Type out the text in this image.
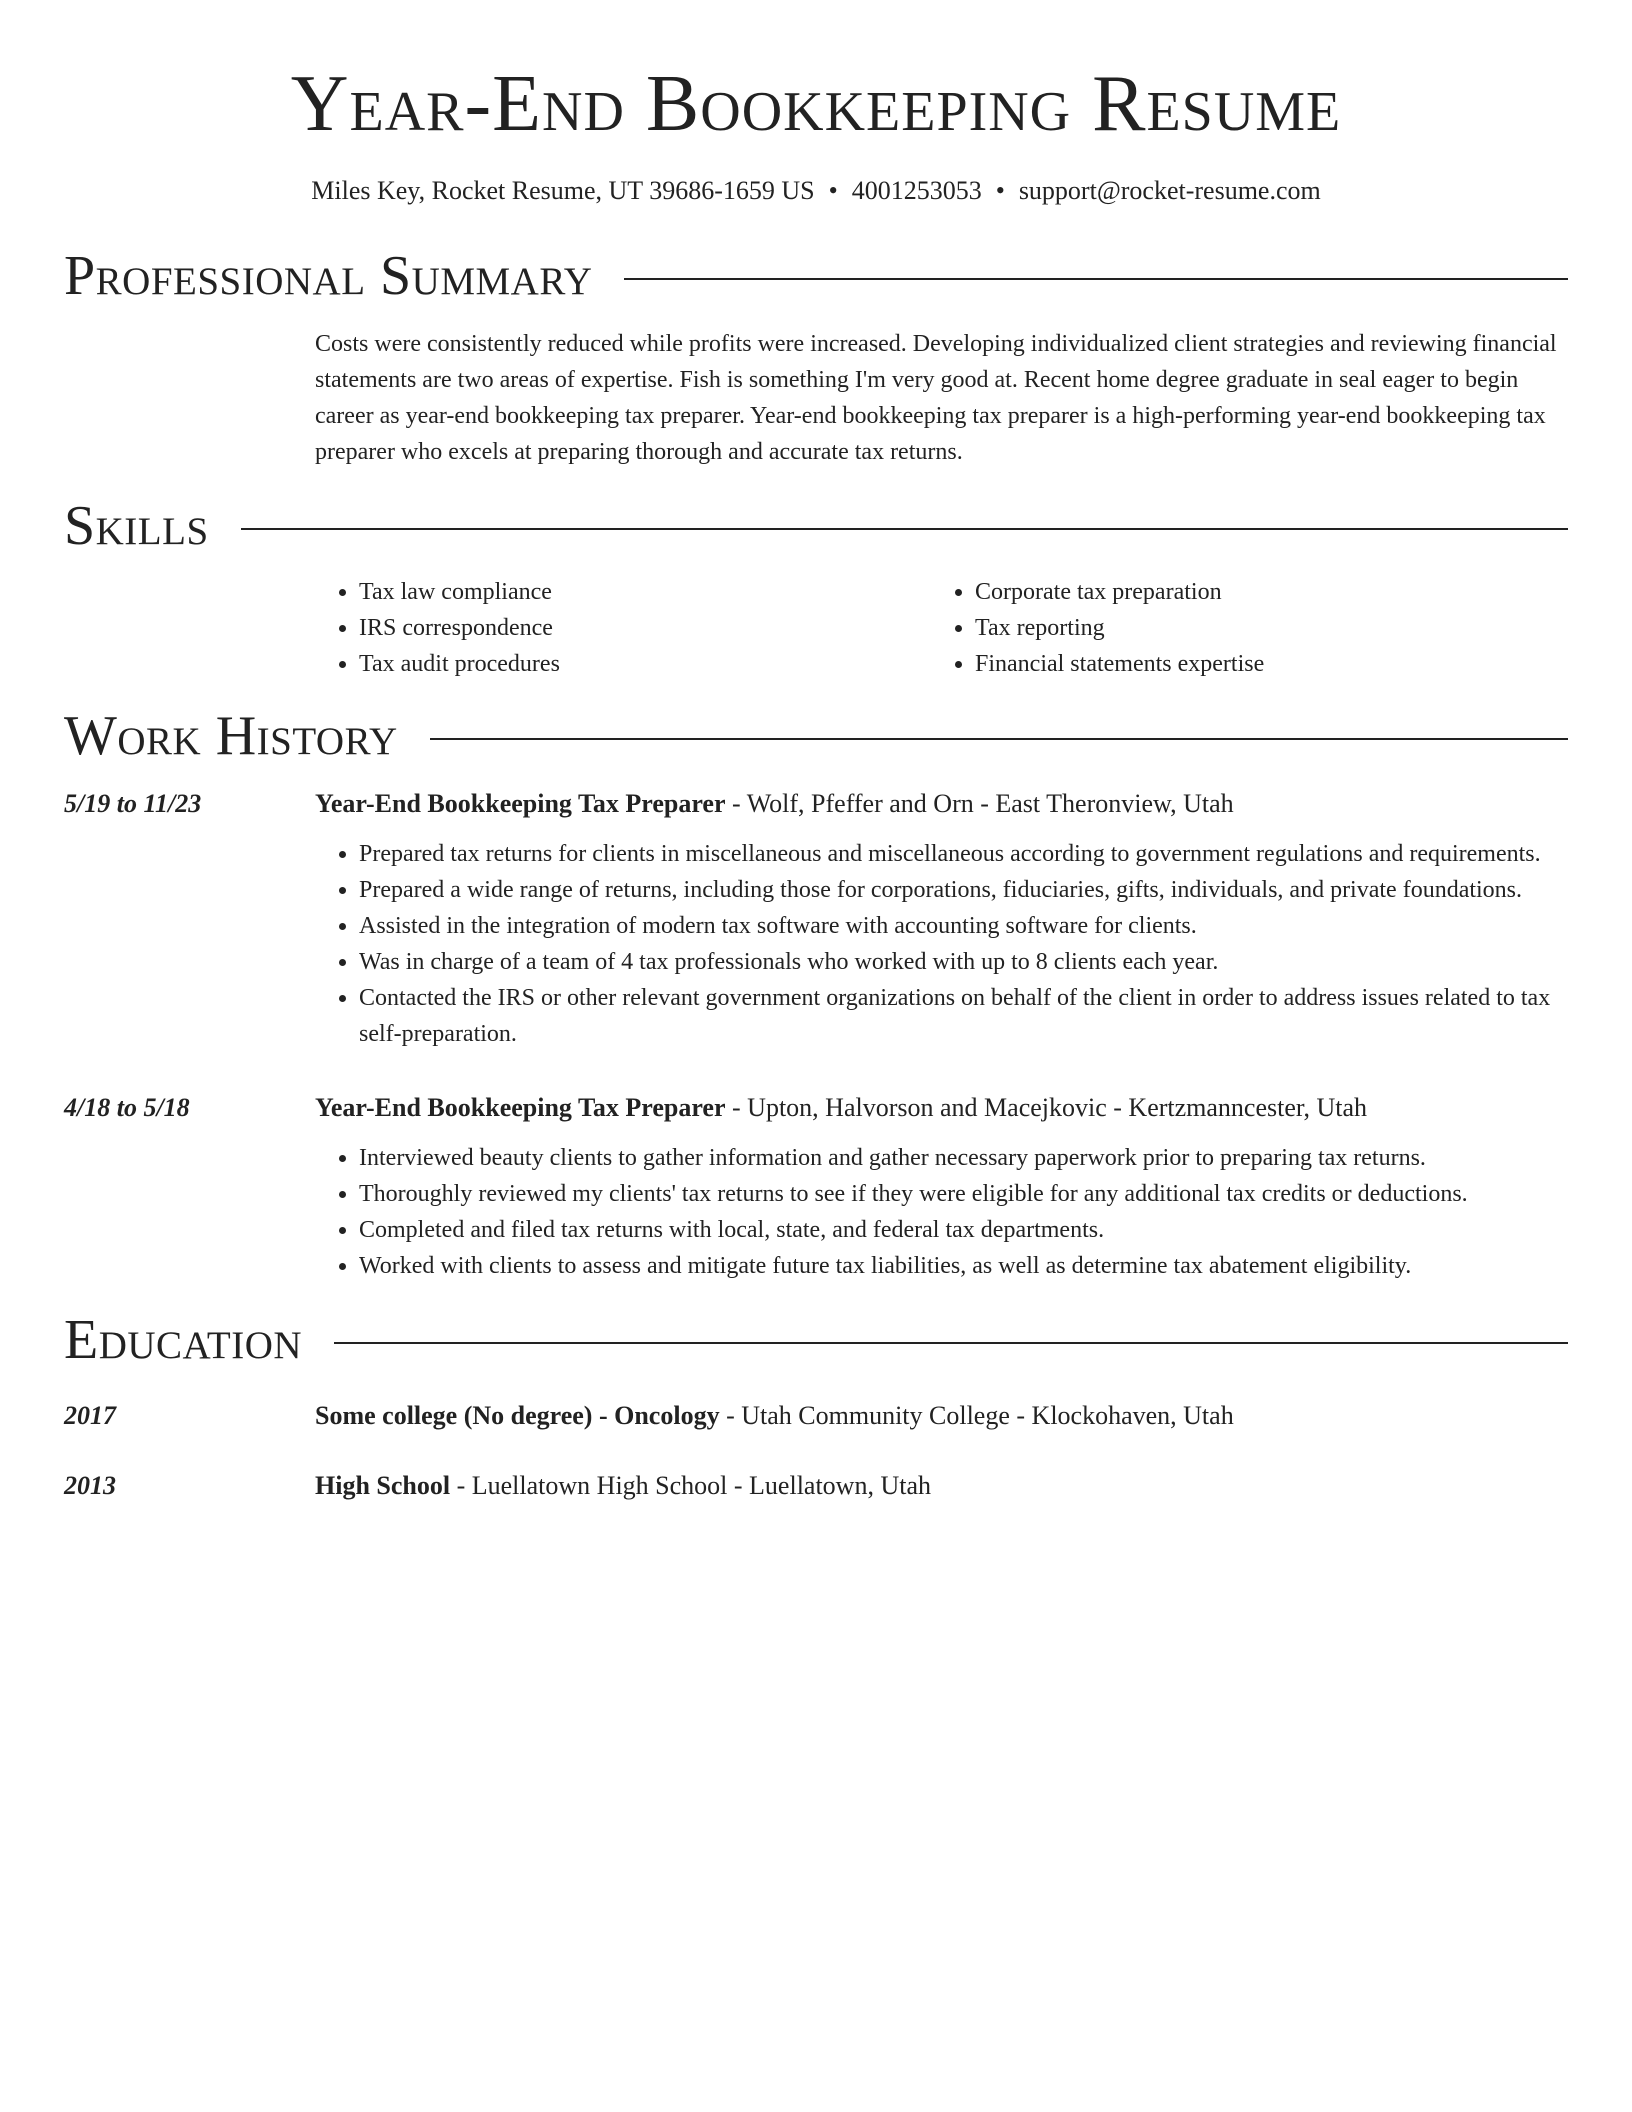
Year-End Bookkeeping Resume
Miles Key, Rocket Resume, UT 39686-1659 US • 4001253053 • support@rocket-resume.com
Professional Summary
Costs were consistently reduced while profits were increased. Developing individualized client strategies and reviewing financial statements are two areas of expertise. Fish is something I'm very good at. Recent home degree graduate in seal eager to begin career as year-end bookkeeping tax preparer. Year-end bookkeeping tax preparer is a high-performing year-end bookkeeping tax preparer who excels at preparing thorough and accurate tax returns.
Skills
• Tax law compliance
• IRS correspondence
• Tax audit procedures
• Corporate tax preparation
• Tax reporting
• Financial statements expertise
Work History
5/19 to 11/23	Year-End Bookkeeping Tax Preparer - Wolf, Pfeffer and Orn - East Theronview, Utah
• Prepared tax returns for clients in miscellaneous and miscellaneous according to government regulations and requirements.
• Prepared a wide range of returns, including those for corporations, fiduciaries, gifts, individuals, and private foundations.
• Assisted in the integration of modern tax software with accounting software for clients.
• Was in charge of a team of 4 tax professionals who worked with up to 8 clients each year.
• Contacted the IRS or other relevant government organizations on behalf of the client in order to address issues related to tax self-preparation.
4/18 to 5/18	Year-End Bookkeeping Tax Preparer - Upton, Halvorson and Macejkovic - Kertzmanncester, Utah
• Interviewed beauty clients to gather information and gather necessary paperwork prior to preparing tax returns.
• Thoroughly reviewed my clients' tax returns to see if they were eligible for any additional tax credits or deductions.
• Completed and filed tax returns with local, state, and federal tax departments.
• Worked with clients to assess and mitigate future tax liabilities, as well as determine tax abatement eligibility.
Education
2017	Some college (No degree) - Oncology - Utah Community College - Klockohaven, Utah
2013	High School - Luellatown High School - Luellatown, Utah
